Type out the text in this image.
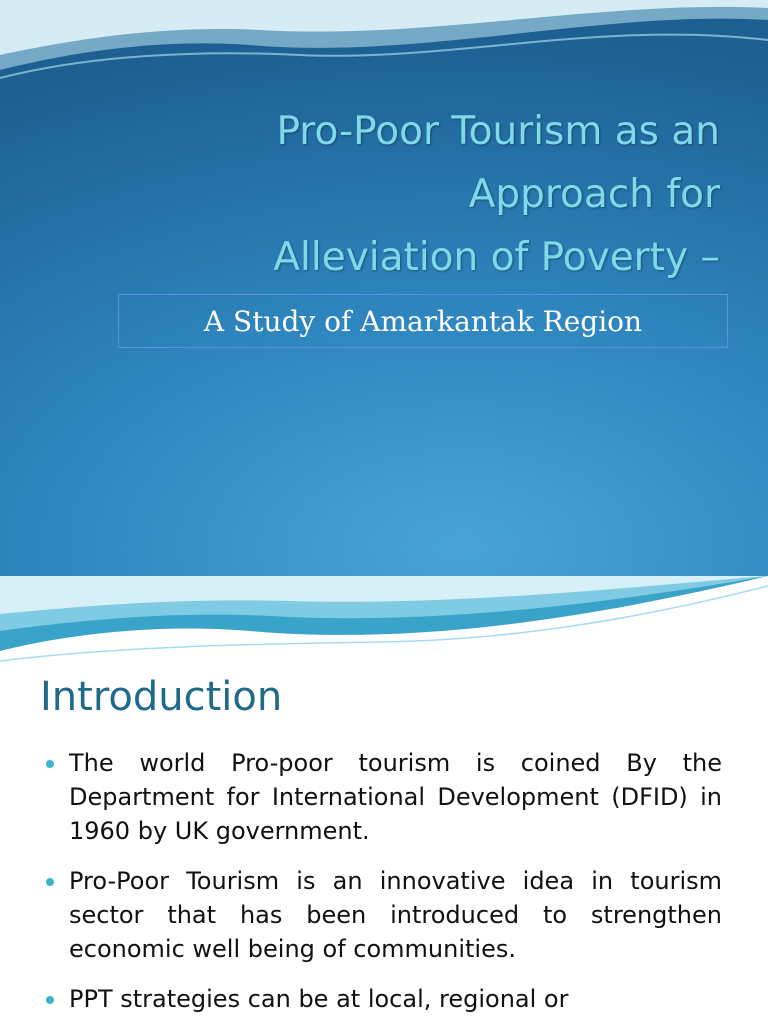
Pro-Poor Tourism as an
Approach for
Alleviation of Poverty –
A Study of Amarkantak Region
Introduction
The world Pro-poor tourism is coined By the Department for International Development (DFID) in 1960 by UK government.
Pro-Poor Tourism is an innovative idea in tourism sector that has been introduced to strengthen economic well being of communities.
PPT strategies can be at local, regional or
